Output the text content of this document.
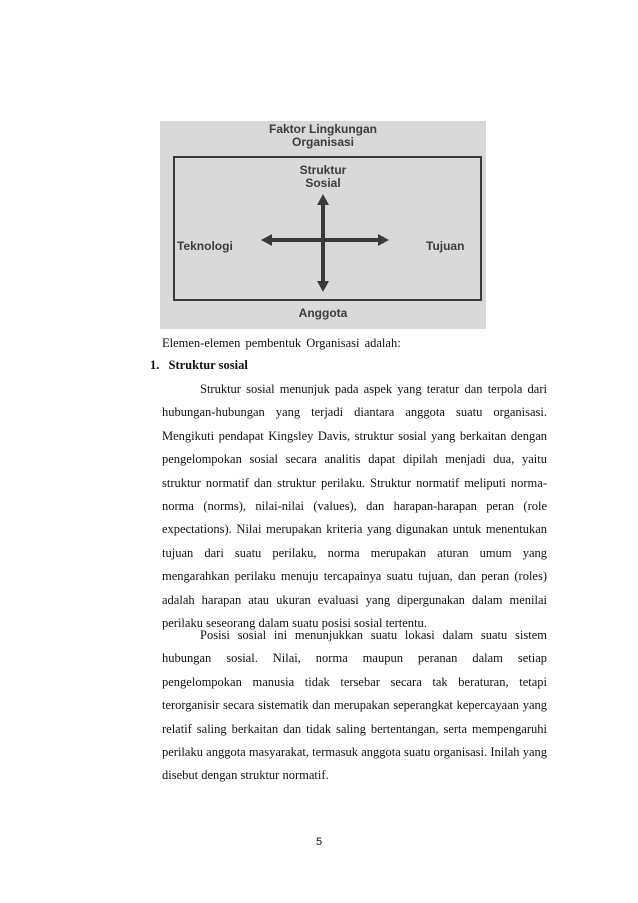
Faktor Lingkungan
Organisasi
Struktur
Sosial
Teknologi	Tujuan
Anggota
Elemen-elemen pembentuk Organisasi adalah:
1. Struktur sosial

Struktur sosial menunjuk pada aspek yang teratur dan terpola dari hubungan-hubungan yang terjadi diantara anggota suatu organisasi. Mengikuti pendapat Kingsley Davis, struktur sosial yang berkaitan dengan pengelompokan sosial secara analitis dapat dipilah menjadi dua, yaitu struktur normatif dan struktur perilaku. Struktur normatif meliputi norma-norma (norms), nilai-nilai (values), dan harapan-harapan peran (role expectations). Nilai merupakan kriteria yang digunakan untuk menentukan tujuan dari suatu perilaku, norma merupakan aturan umum yang mengarahkan perilaku menuju tercapainya suatu tujuan, dan peran (roles) adalah harapan atau ukuran evaluasi yang dipergunakan dalam menilai perilaku seseorang dalam suatu posisi sosial tertentu.

Posisi sosial ini menunjukkan suatu lokasi dalam suatu sistem hubungan sosial. Nilai, norma maupun peranan dalam setiap pengelompokan manusia tidak tersebar secara tak beraturan, tetapi terorganisir secara sistematik dan merupakan seperangkat kepercayaan yang relatif saling berkaitan dan tidak saling bertentangan, serta mempengaruhi perilaku anggota masyarakat, termasuk anggota suatu organisasi. Inilah yang disebut dengan struktur normatif.

5
